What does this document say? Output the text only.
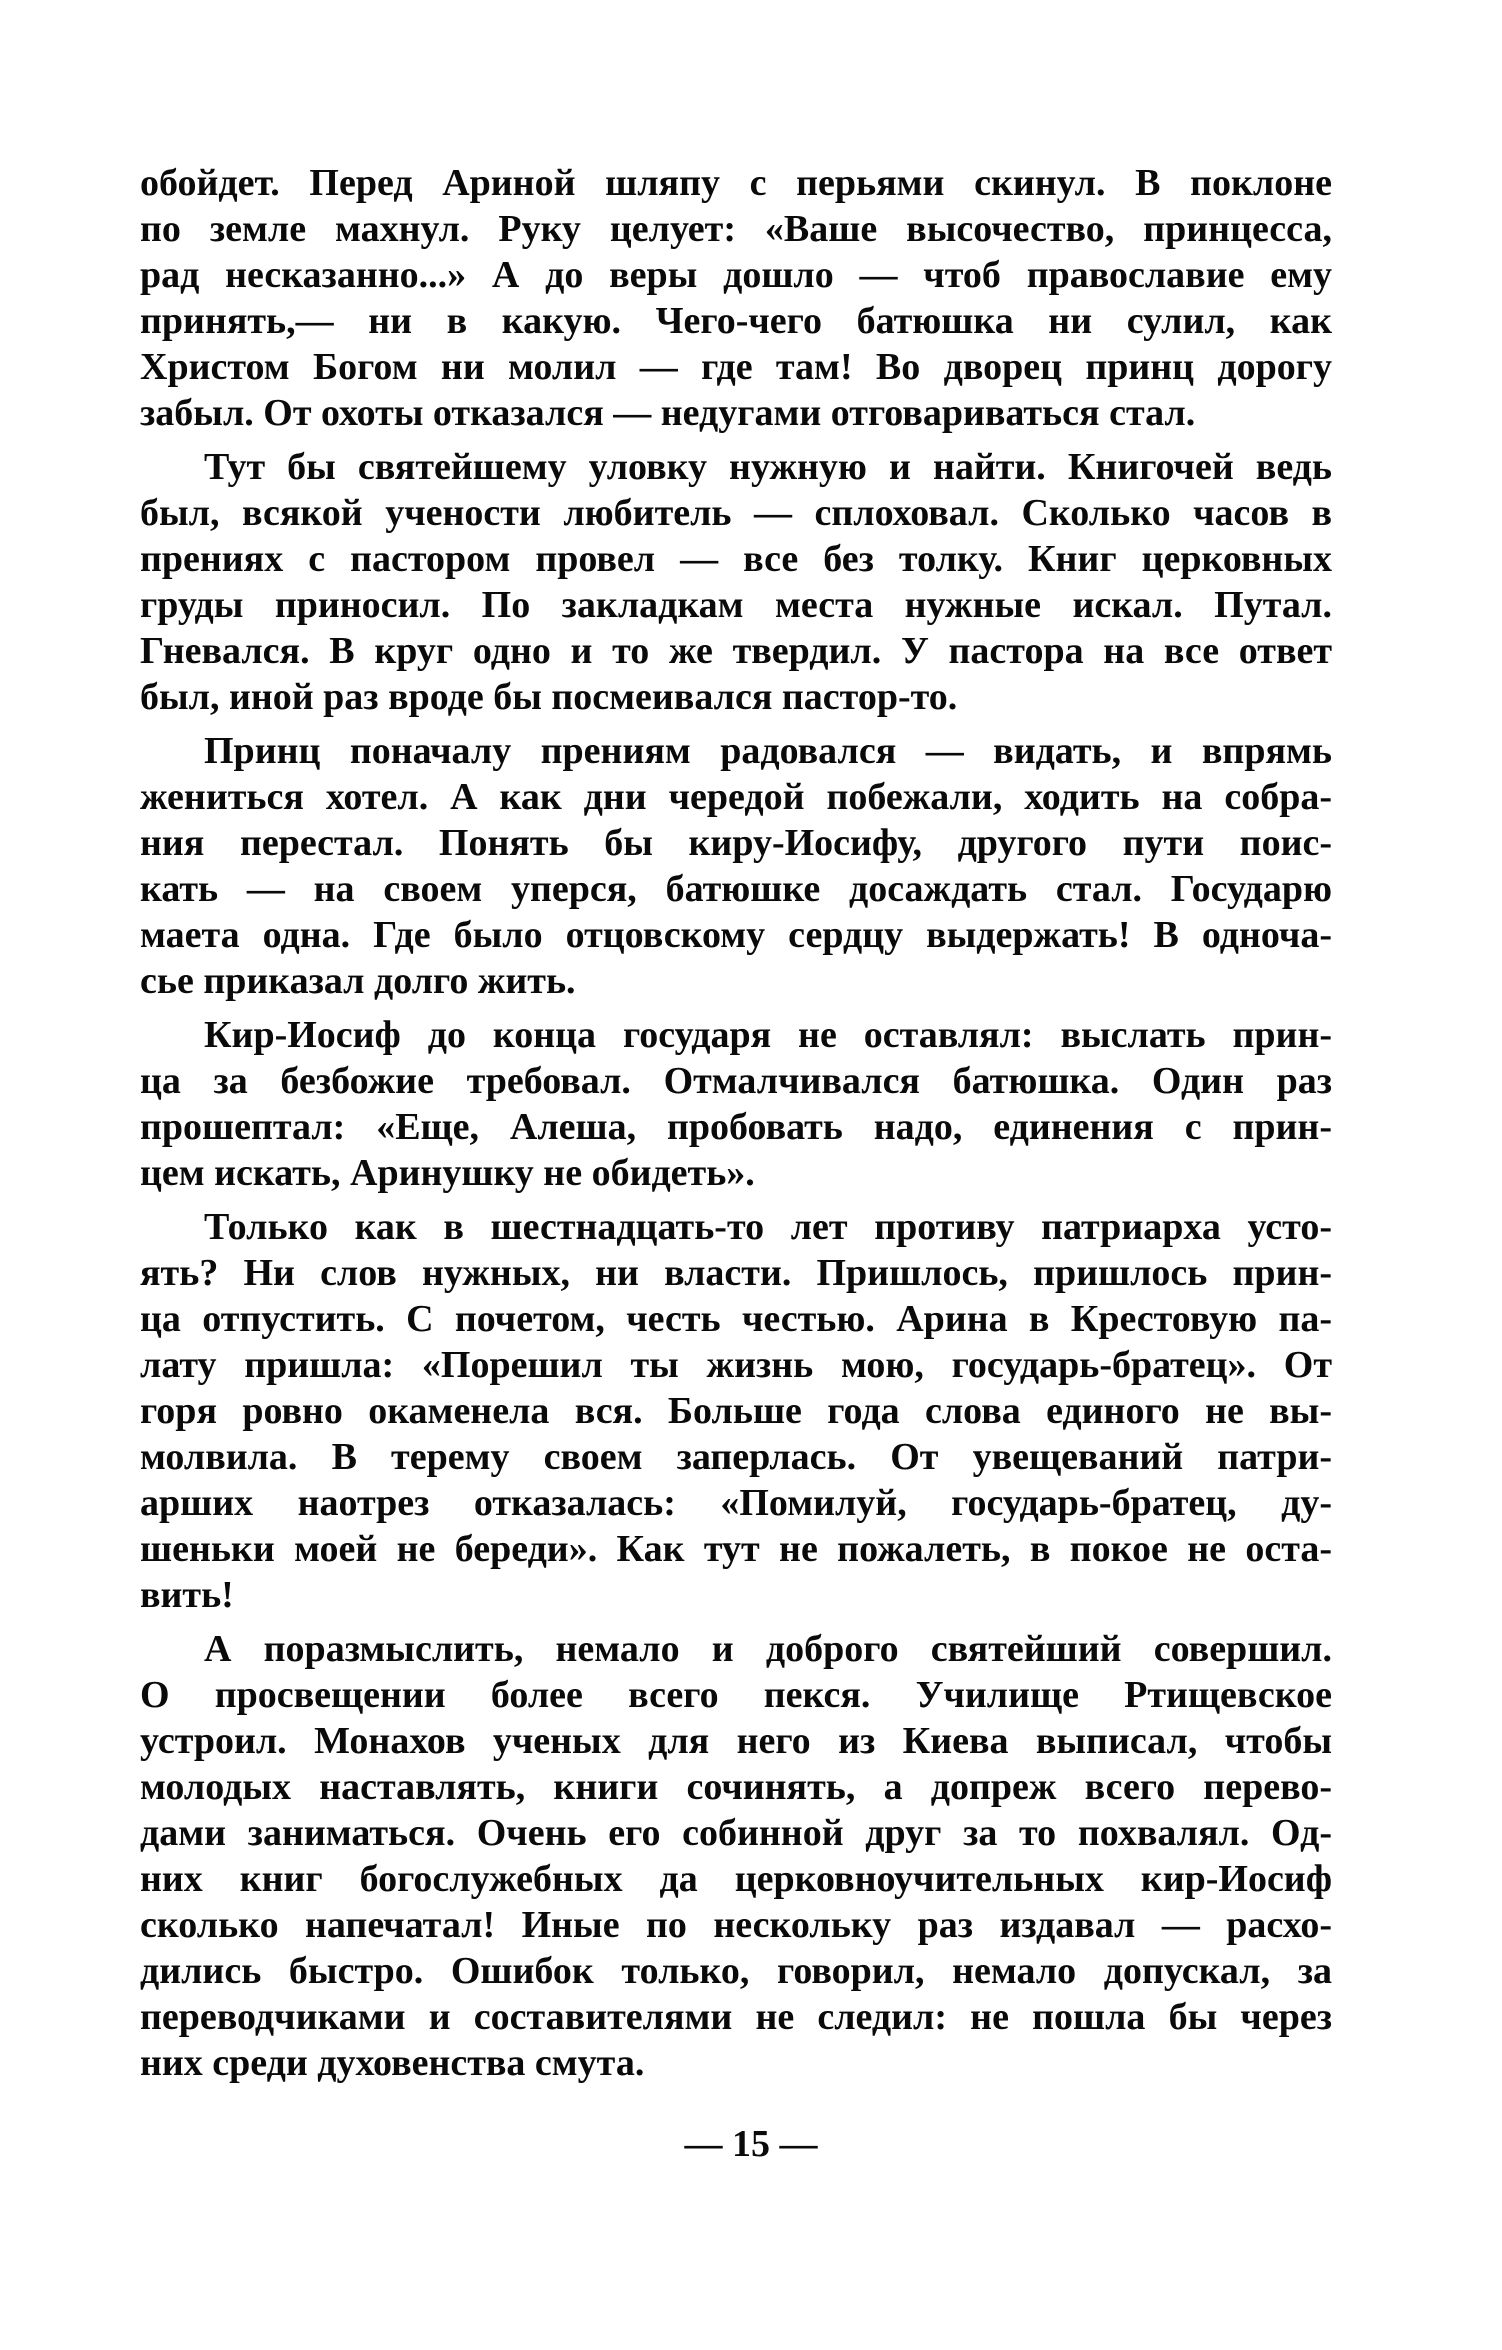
обойдет. Перед Ариной шляпу с перьями скинул. В поклоне
по земле махнул. Руку целует: «Ваше высочество, принцесса,
рад несказанно...» А до веры дошло — чтоб православие ему
принять,— ни в какую. Чего-чего батюшка ни сулил, как
Христом Богом ни молил — где там! Во дворец принц дорогу
забыл. От охоты отказался — недугами отговариваться стал.
Тут бы святейшему уловку нужную и найти. Книгочей ведь
был, всякой учености любитель — сплоховал. Сколько часов в
прениях с пастором провел — все без толку. Книг церковных
груды приносил. По закладкам места нужные искал. Путал.
Гневался. В круг одно и то же твердил. У пастора на все ответ
был, иной раз вроде бы посмеивался пастор-то.
Принц поначалу прениям радовался — видать, и впрямь
жениться хотел. А как дни чередой побежали, ходить на собра-
ния перестал. Понять бы киру-Иосифу, другого пути поис-
кать — на своем уперся, батюшке досаждать стал. Государю
маета одна. Где было отцовскому сердцу выдержать! В одноча-
сье приказал долго жить.
Кир-Иосиф до конца государя не оставлял: выслать прин-
ца за безбожие требовал. Отмалчивался батюшка. Один раз
прошептал: «Еще, Алеша, пробовать надо, единения с прин-
цем искать, Аринушку не обидеть».
Только как в шестнадцать-то лет противу патриарха усто-
ять? Ни слов нужных, ни власти. Пришлось, пришлось прин-
ца отпустить. С почетом, честь честью. Арина в Крестовую па-
лату пришла: «Порешил ты жизнь мою, государь-братец». От
горя ровно окаменела вся. Больше года слова единого не вы-
молвила. В терему своем заперлась. От увещеваний патри-
арших наотрез отказалась: «Помилуй, государь-братец, ду-
шеньки моей не береди». Как тут не пожалеть, в покое не оста-
вить!
А поразмыслить, немало и доброго святейший совершил.
О просвещении более всего пекся. Училище Ртищевское
устроил. Монахов ученых для него из Киева выписал, чтобы
молодых наставлять, книги сочинять, а допреж всего перево-
дами заниматься. Очень его собинной друг за то похвалял. Од-
них книг богослужебных да церковноучительных кир-Иосиф
сколько напечатал! Иные по нескольку раз издавал — расхо-
дились быстро. Ошибок только, говорил, немало допускал, за
переводчиками и составителями не следил: не пошла бы через
них среди духовенства смута.
— 15 —
